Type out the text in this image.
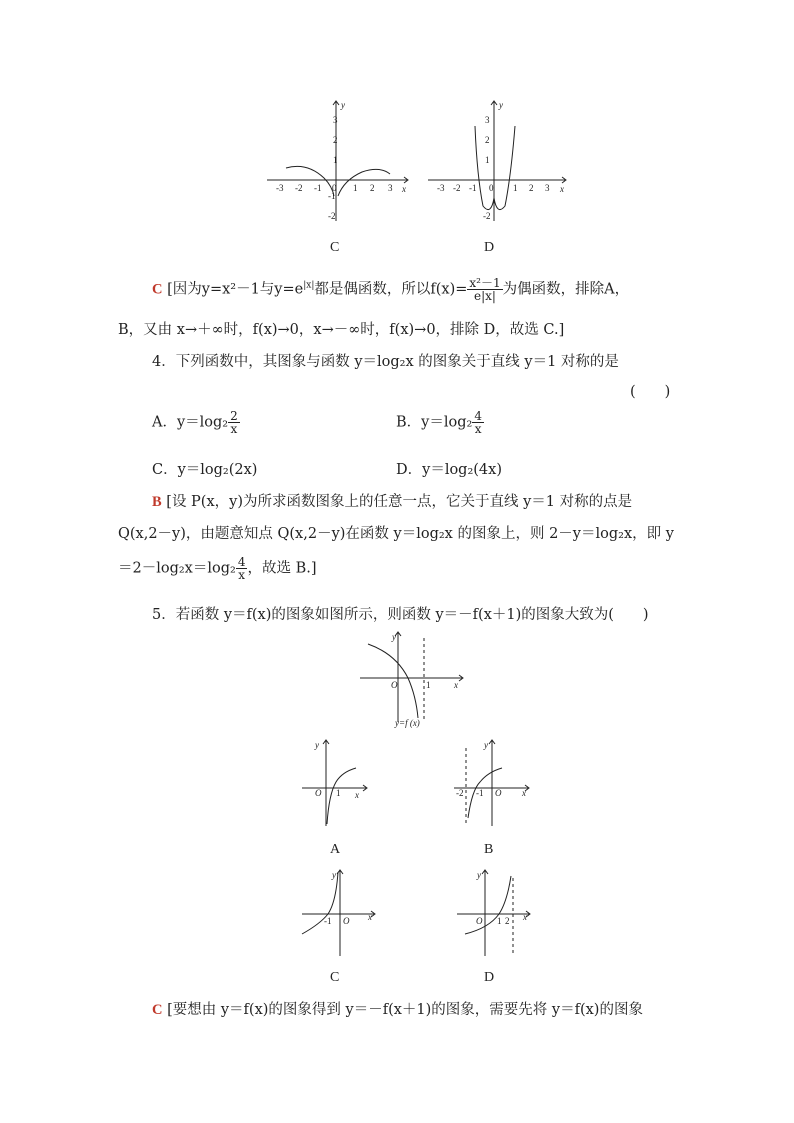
y
x
3
2
1
-1
-2
-3 -2 -1 0 1 2 3
C
y
x
3
2
1
-2
-3 -2 -1 0 1 2 3
D
C [因为y=x²－1与$y=e^{|x|}$都是偶函数，所以$f(x)= \frac{\text{x²－1}}{e|x|}$ 为偶函数，排除A，
B，又由 x→＋∞时，f(x)→0，x→－∞时，f(x)→0，排除 D，故选 C.]
4．下列函数中，其图象与函数 y＝log₂x 的图象关于直线 y＝1 对称的是
(　　)
A．$y=\log_2 \frac{2}{x}$	B．$y=\log_2 \frac{4}{x}$
C．y＝log₂(2x)	D．y＝log₂(4x)
B [设 P(x，y)为所求函数图象上的任意一点，它关于直线 y＝1 对称的点是
Q(x,2－y)，由题意知点 Q(x,2－y)在函数 y＝log₂x 的图象上，则 2－y＝log₂x，即 y
$=2-\log_2x=\log_2 \frac{4}{x}$ ，故选 B.]
5．若函数 y＝f(x)的图象如图所示，则函数 y＝－f(x＋1)的图象大致为(　　)
y
x
O	1
y=f (x)
y
x
O 1
A
y
x
-2 -1 O
B
y
x
-1 O
C
y
x
O 1 2
D
C [要想由 y＝f(x)的图象得到 y＝－f(x＋1)的图象，需要先将 y＝f(x)的图象
